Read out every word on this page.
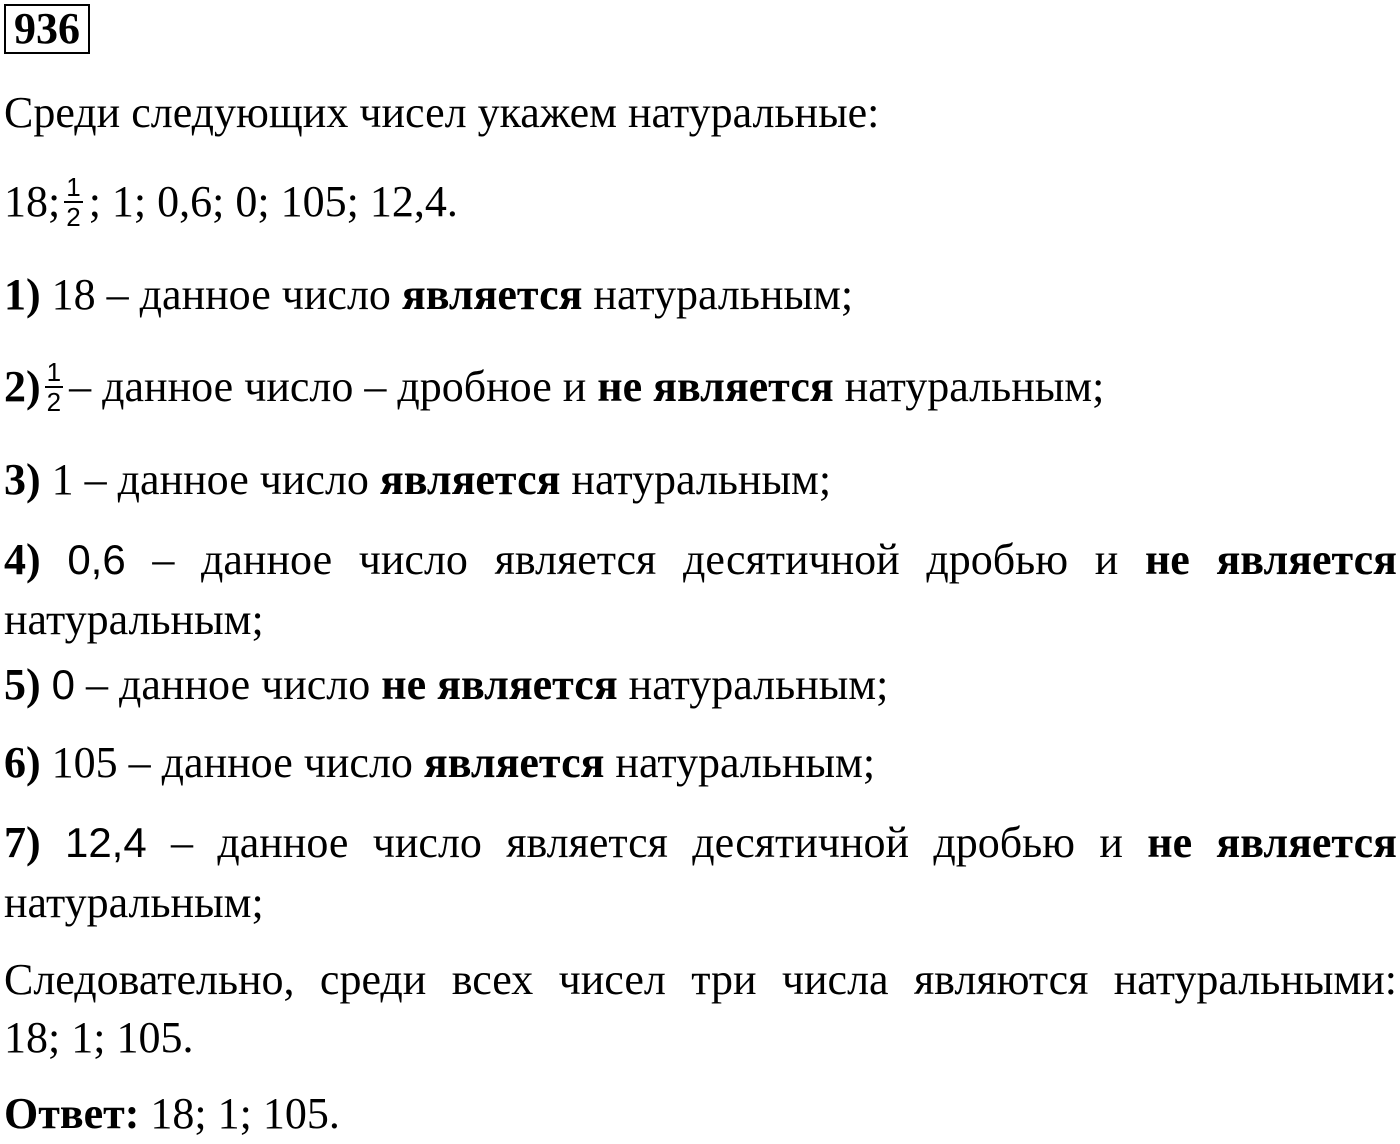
936
Среди следующих чисел укажем натуральные:
18; $\frac{1}{2}$ ; 1; 0,6; 0; 105; 12,4.
1) 18 – данное число является натуральным;
$2) \frac{1}{2}$ – данное число – дробное и не является натуральным;
3) 1 – данное число является натуральным;
4) 0,6 – данное число является десятичной дробью и не является
натуральным;
5) 0 – данное число не является натуральным;
6) 105 – данное число является натуральным;
7) 12,4 – данное число является десятичной дробью и не является
натуральным;
Следовательно, среди всех чисел три числа являются натуральными:
18; 1; 105.
Ответ: 18; 1; 105.
